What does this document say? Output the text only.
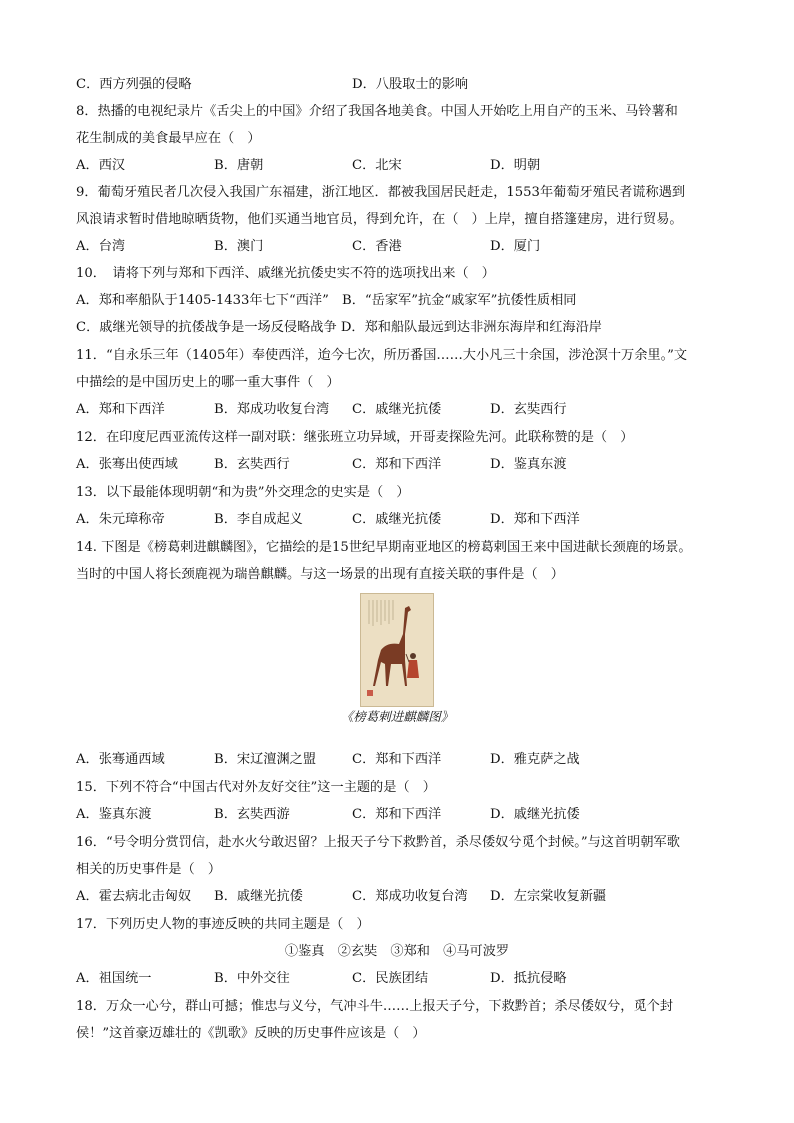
C．西方列强的侵略	D．八股取士的影响
8．热播的电视纪录片《舌尖上的中国》介绍了我国各地美食。中国人开始吃上用自产的玉米、马铃薯和
花生制成的美食最早应在（　）
A．西汉	B．唐朝	C．北宋	D．明朝
9．葡萄牙殖民者几次侵入我国广东福建，浙江地区．都被我国居民赶走，1553年葡萄牙殖民者谎称遇到
风浪请求暂时借地晾晒货物，他们买通当地官员，得到允许，在（　）上岸，擅自搭篷建房，进行贸易。
A．台湾	B．澳门	C．香港	D．厦门
10．　请将下列与郑和下西洋、戚继光抗倭史实不符的选项找出来（　）
A．郑和率船队于1405-1433年七下“西洋”　B．“岳家军”抗金“戚家军”抗倭性质相同
C．戚继光领导的抗倭战争是一场反侵略战争 D．郑和船队最远到达非洲东海岸和红海沿岸
11．“自永乐三年（1405年）奉使西洋，迨今七次，所历番国……大小凡三十余国，涉沧溟十万余里。”文
中描绘的是中国历史上的哪一重大事件（　）
A．郑和下西洋	B．郑成功收复台湾 C．戚继光抗倭	D．玄奘西行
12．在印度尼西亚流传这样一副对联：继张班立功异域，开哥麦探险先河。此联称赞的是（　）
A．张骞出使西域	B．玄奘西行	C．郑和下西洋	D．鉴真东渡
13．以下最能体现明朝“和为贵”外交理念的史实是（　）
A．朱元璋称帝	B．李自成起义	C．戚继光抗倭	D．郑和下西洋
14. 下图是《榜葛剌进麒麟图》，它描绘的是15世纪早期南亚地区的榜葛剌国王来中国进献长颈鹿的场景。
当时的中国人将长颈鹿视为瑞兽麒麟。与这一场景的出现有直接关联的事件是（　）
《榜葛剌进麒麟图》
A．张骞通西域	B．宋辽澶渊之盟	C．郑和下西洋	D．雅克萨之战
15．下列不符合“中国古代对外友好交往”这一主题的是（　）
A．鉴真东渡	B．玄奘西游	C．郑和下西洋	D．戚继光抗倭
16．“号令明分赏罚信，赴水火兮敢迟留？上报天子兮下救黔首，杀尽倭奴兮觅个封候。”与这首明朝军歌
相关的历史事件是（　）
A．霍去病北击匈奴 B．戚继光抗倭	C．郑成功收复台湾 D．左宗棠收复新疆
17．下列历史人物的事迹反映的共同主题是（　）
①鉴真　②玄奘　③郑和　④马可波罗
A．祖国统一	B．中外交往	C．民族团结	D．抵抗侵略
18．万众一心兮，群山可撼；惟忠与义兮，气冲斗牛……上报天子兮，下救黔首；杀尽倭奴兮，觅个封
侯！”这首豪迈雄壮的《凯歌》反映的历史事件应该是（　）
